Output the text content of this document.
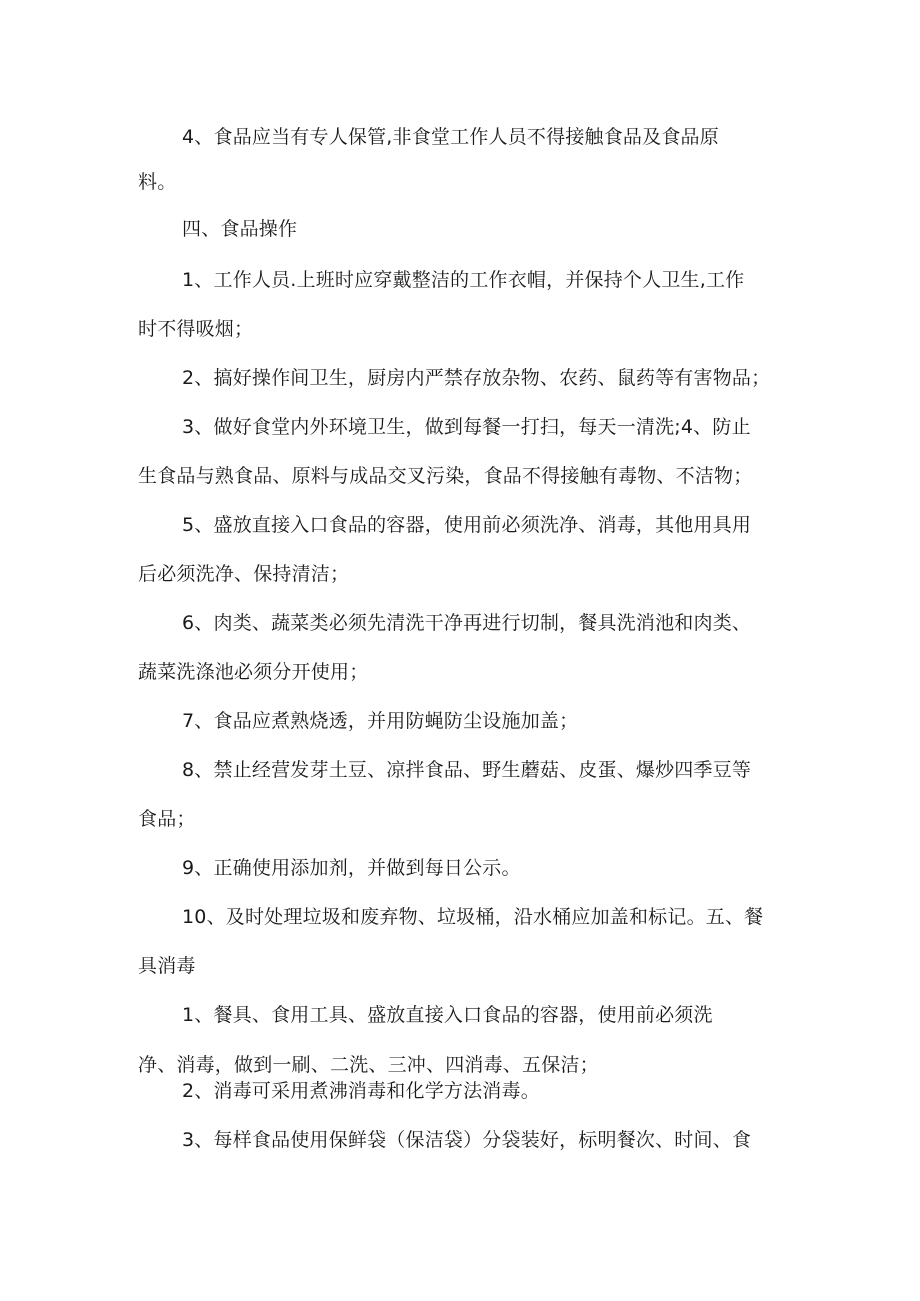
4、食品应当有专人保管,非食堂工作人员不得接触食品及食品原

料。

四、食品操作

1、工作人员.上班时应穿戴整洁的工作衣帽，并保持个人卫生,工作

时不得吸烟；

2、搞好操作间卫生，厨房内严禁存放杂物、农药、鼠药等有害物品；

3、做好食堂内外环境卫生，做到每餐一打扫，每天一清洗;4、防止

生食品与熟食品、原料与成品交叉污染，食品不得接触有毒物、不洁物；

5、盛放直接入口食品的容器，使用前必须洗净、消毒，其他用具用

后必须洗净、保持清洁；

6、肉类、蔬菜类必须先清洗干净再进行切制，餐具洗消池和肉类、

蔬菜洗涤池必须分开使用；

7、食品应煮熟烧透，并用防蝇防尘设施加盖；

8、禁止经营发芽土豆、凉拌食品、野生蘑菇、皮蛋、爆炒四季豆等

食品；

9、正确使用添加剂，并做到每日公示。

10、及时处理垃圾和废弃物、垃圾桶，沿水桶应加盖和标记。五、餐

具消毒

1、餐具、食用工具、盛放直接入口食品的容器，使用前必须洗

净、消毒，做到一刷、二洗、三冲、四消毒、五保洁；

2、消毒可采用煮沸消毒和化学方法消毒。

3、每样食品使用保鲜袋（保洁袋）分袋装好，标明餐次、时间、食
